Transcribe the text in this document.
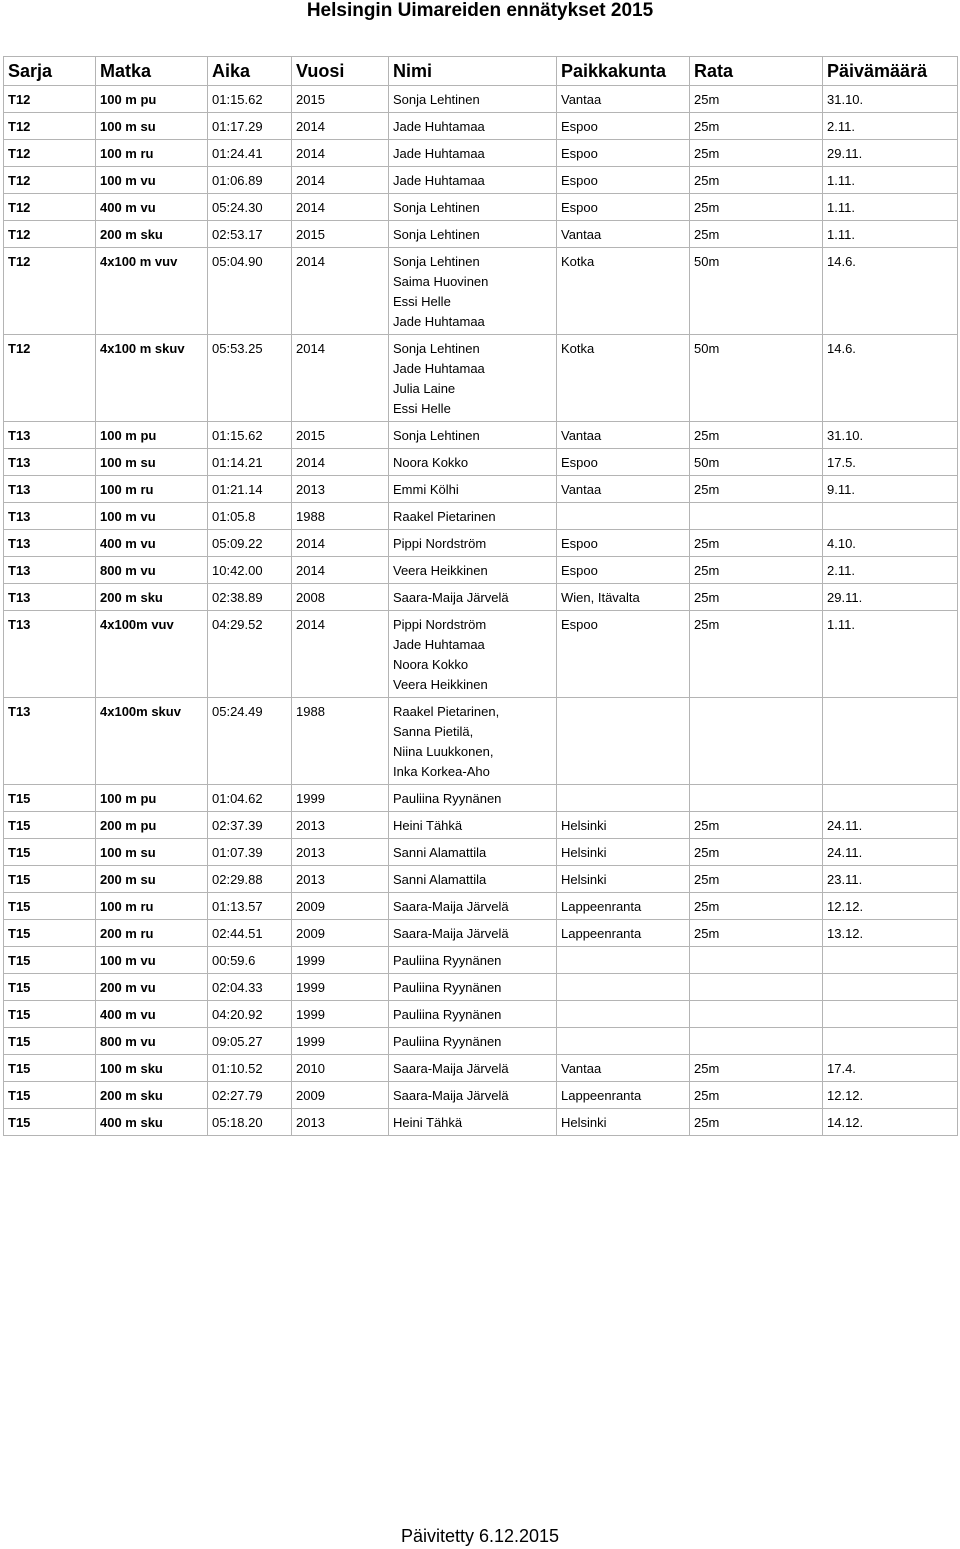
Helsingin Uimareiden ennätykset 2015
Sarja	Matka	Aika	Vuosi	Nimi	Paikkakunta	Rata	Päivämäärä
T12	100 m pu	01:15.62	2015	Sonja Lehtinen	Vantaa	25m	31.10.
T12	100 m su	01:17.29	2014	Jade Huhtamaa	Espoo	25m	2.11.
T12	100 m ru	01:24.41	2014	Jade Huhtamaa	Espoo	25m	29.11.
T12	100 m vu	01:06.89	2014	Jade Huhtamaa	Espoo	25m	1.11.
T12	400 m vu	05:24.30	2014	Sonja Lehtinen	Espoo	25m	1.11.
T12	200 m sku	02:53.17	2015	Sonja Lehtinen	Vantaa	25m	1.11.
T12	4x100 m vuv	05:04.90	2014	Sonja Lehtinen
Saima Huovinen
Essi Helle
Jade Huhtamaa	Kotka	50m	14.6.
T12	4x100 m skuv	05:53.25	2014	Sonja Lehtinen
Jade Huhtamaa
Julia Laine
Essi Helle	Kotka	50m	14.6.
T13	100 m pu	01:15.62	2015	Sonja Lehtinen	Vantaa	25m	31.10.
T13	100 m su	01:14.21	2014	Noora Kokko	Espoo	50m	17.5.
T13	100 m ru	01:21.14	2013	Emmi Kölhi	Vantaa	25m	9.11.
T13	100 m vu	01:05.8	1988	Raakel Pietarinen			

T13	400 m vu	05:09.22	2014	Pippi Nordström	Espoo	25m	4.10.
T13	800 m vu	10:42.00	2014	Veera Heikkinen	Espoo	25m	2.11.
T13	200 m sku	02:38.89	2008	Saara-Maija Järvelä	Wien, Itävalta	25m	29.11.
T13	4x100m vuv	04:29.52	2014	Pippi Nordström
Jade Huhtamaa
Noora Kokko
Veera Heikkinen	Espoo	25m	1.11.
T13	4x100m skuv	05:24.49	1988	Raakel Pietarinen,
Sanna Pietilä,
Niina Luukkonen,
Inka Korkea-Aho			

T15	100 m pu	01:04.62	1999	Pauliina Ryynänen			

T15	200 m pu	02:37.39	2013	Heini Tähkä	Helsinki	25m	24.11.
T15	100 m su	01:07.39	2013	Sanni Alamattila	Helsinki	25m	24.11.
T15	200 m su	02:29.88	2013	Sanni Alamattila	Helsinki	25m	23.11.
T15	100 m ru	01:13.57	2009	Saara-Maija Järvelä	Lappeenranta	25m	12.12.
T15	200 m ru	02:44.51	2009	Saara-Maija Järvelä	Lappeenranta	25m	13.12.
T15	100 m vu	00:59.6	1999	Pauliina Ryynänen			

T15	200 m vu	02:04.33	1999	Pauliina Ryynänen			

T15	400 m vu	04:20.92	1999	Pauliina Ryynänen			

T15	800 m vu	09:05.27	1999	Pauliina Ryynänen			

T15	100 m sku	01:10.52	2010	Saara-Maija Järvelä	Vantaa	25m	17.4.
T15	200 m sku	02:27.79	2009	Saara-Maija Järvelä	Lappeenranta	25m	12.12.
T15	400 m sku	05:18.20	2013	Heini Tähkä	Helsinki	25m	14.12.
Päivitetty 6.12.2015
